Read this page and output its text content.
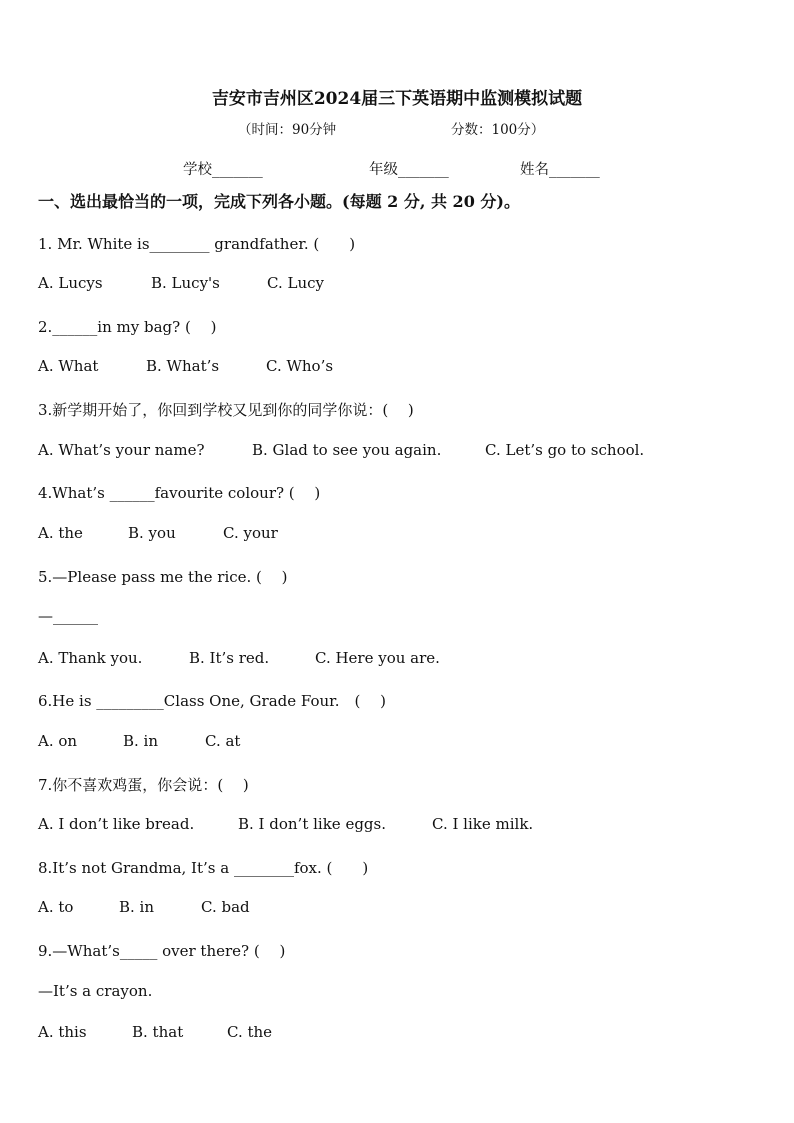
吉安市吉州区2024届三下英语期中监测模拟试题
（时间：90分钟	分数：100分）
学校_______	年级_______	姓名_______
一、选出最恰当的一项，完成下列各小题。(每题 2 分, 共 20 分)。
1. Mr. White is________ grandfather. (　　)
A. Lucys	B. Lucy's	C. Lucy
2.______in my bag? (　 )
A. What	B. What’s	C. Who’s
3.新学期开始了，你回到学校又见到你的同学你说：(　 )
A. What’s your name?	B. Glad to see you again.	C. Let’s go to school.
4.What’s ______favourite colour? (　 )
A. the	B. you	C. your
5.—Please pass me the rice. (　 )
—______
A. Thank you.	B. It’s red.	C. Here you are.
6.He is _________Class One, Grade Four.　(　 )
A. on	B. in	C. at
7.你不喜欢鸡蛋，你会说：(　 )
A. I don’t like bread.	B. I don’t like eggs.	C. I like milk.
8.It’s not Grandma, It’s a ________fox. (　　)
A. to	B. in	C. bad
9.—What’s_____ over there? (　 )
—It’s a crayon.
A. this	B. that	C. the
